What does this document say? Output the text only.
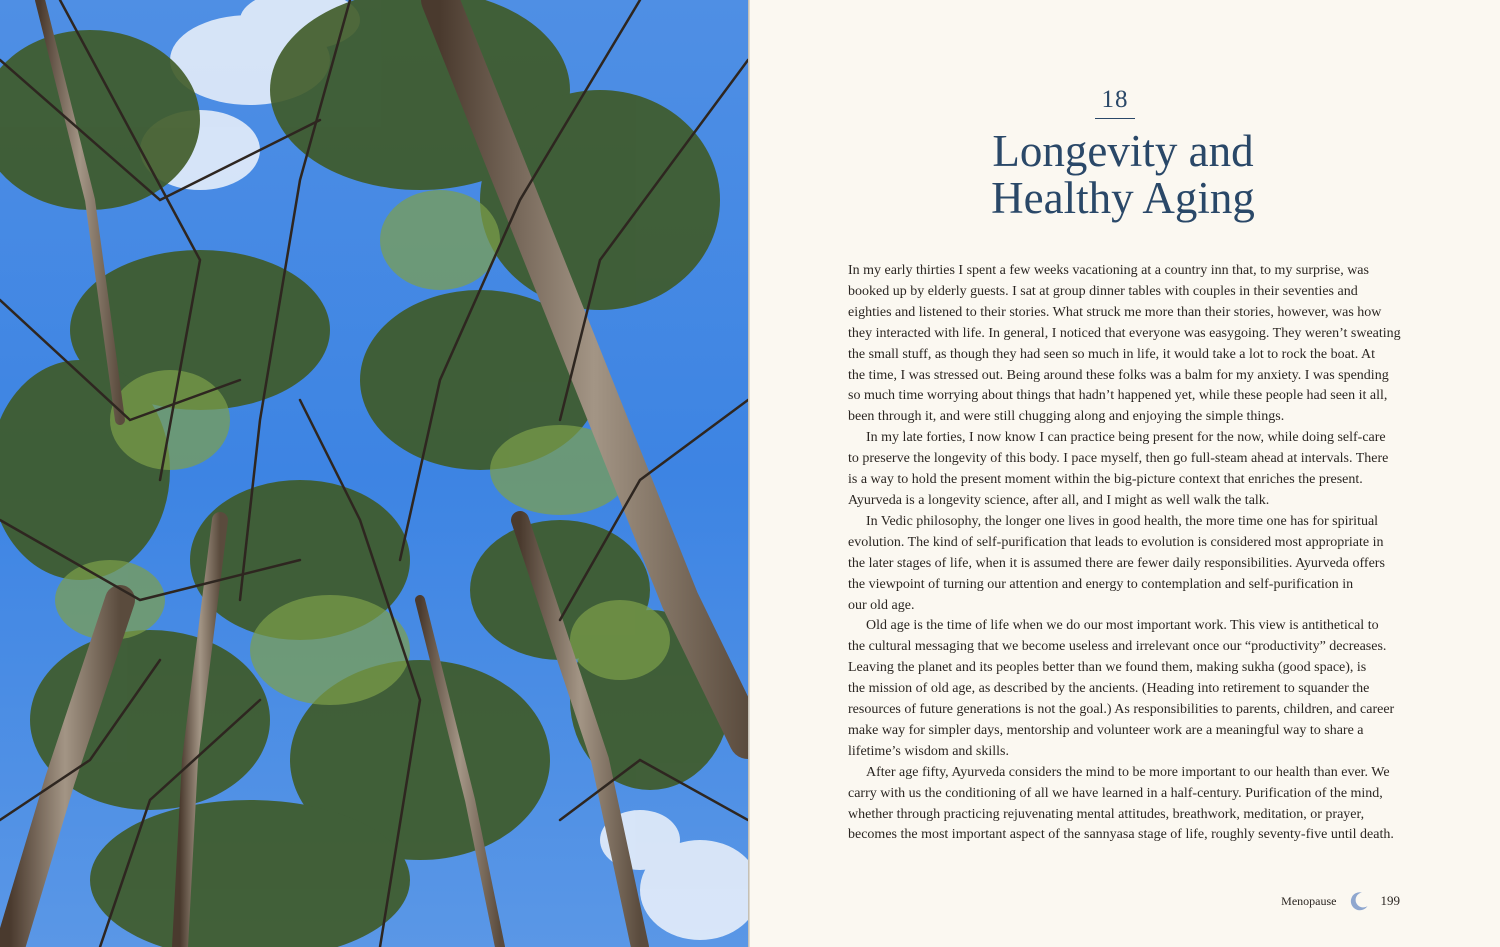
18
Longevity and
Healthy Aging
In my early thirties I spent a few weeks vacationing at a country inn that, to my surprise, was
booked up by elderly guests. I sat at group dinner tables with couples in their seventies and
eighties and listened to their stories. What struck me more than their stories, however, was how
they interacted with life. In general, I noticed that everyone was easygoing. They weren’t sweating
the small stuff, as though they had seen so much in life, it would take a lot to rock the boat. At
the time, I was stressed out. Being around these folks was a balm for my anxiety. I was spending
so much time worrying about things that hadn’t happened yet, while these people had seen it all,
been through it, and were still chugging along and enjoying the simple things.
In my late forties, I now know I can practice being present for the now, while doing self-care
to preserve the longevity of this body. I pace myself, then go full-steam ahead at intervals. There
is a way to hold the present moment within the big-picture context that enriches the present.
Ayurveda is a longevity science, after all, and I might as well walk the talk.
In Vedic philosophy, the longer one lives in good health, the more time one has for spiritual
evolution. The kind of self-purification that leads to evolution is considered most appropriate in
the later stages of life, when it is assumed there are fewer daily responsibilities. Ayurveda offers
the viewpoint of turning our attention and energy to contemplation and self-purification in
our old age.
Old age is the time of life when we do our most important work. This view is antithetical to
the cultural messaging that we become useless and irrelevant once our “productivity” decreases.
Leaving the planet and its peoples better than we found them, making sukha (good space), is
the mission of old age, as described by the ancients. (Heading into retirement to squander the
resources of future generations is not the goal.) As responsibilities to parents, children, and career
make way for simpler days, mentorship and volunteer work are a meaningful way to share a
lifetime’s wisdom and skills.
After age fifty, Ayurveda considers the mind to be more important to our health than ever. We
carry with us the conditioning of all we have learned in a half-century. Purification of the mind,
whether through practicing rejuvenating mental attitudes, breathwork, meditation, or prayer,
becomes the most important aspect of the sannyasa stage of life, roughly seventy-five until death.
Menopause	199
